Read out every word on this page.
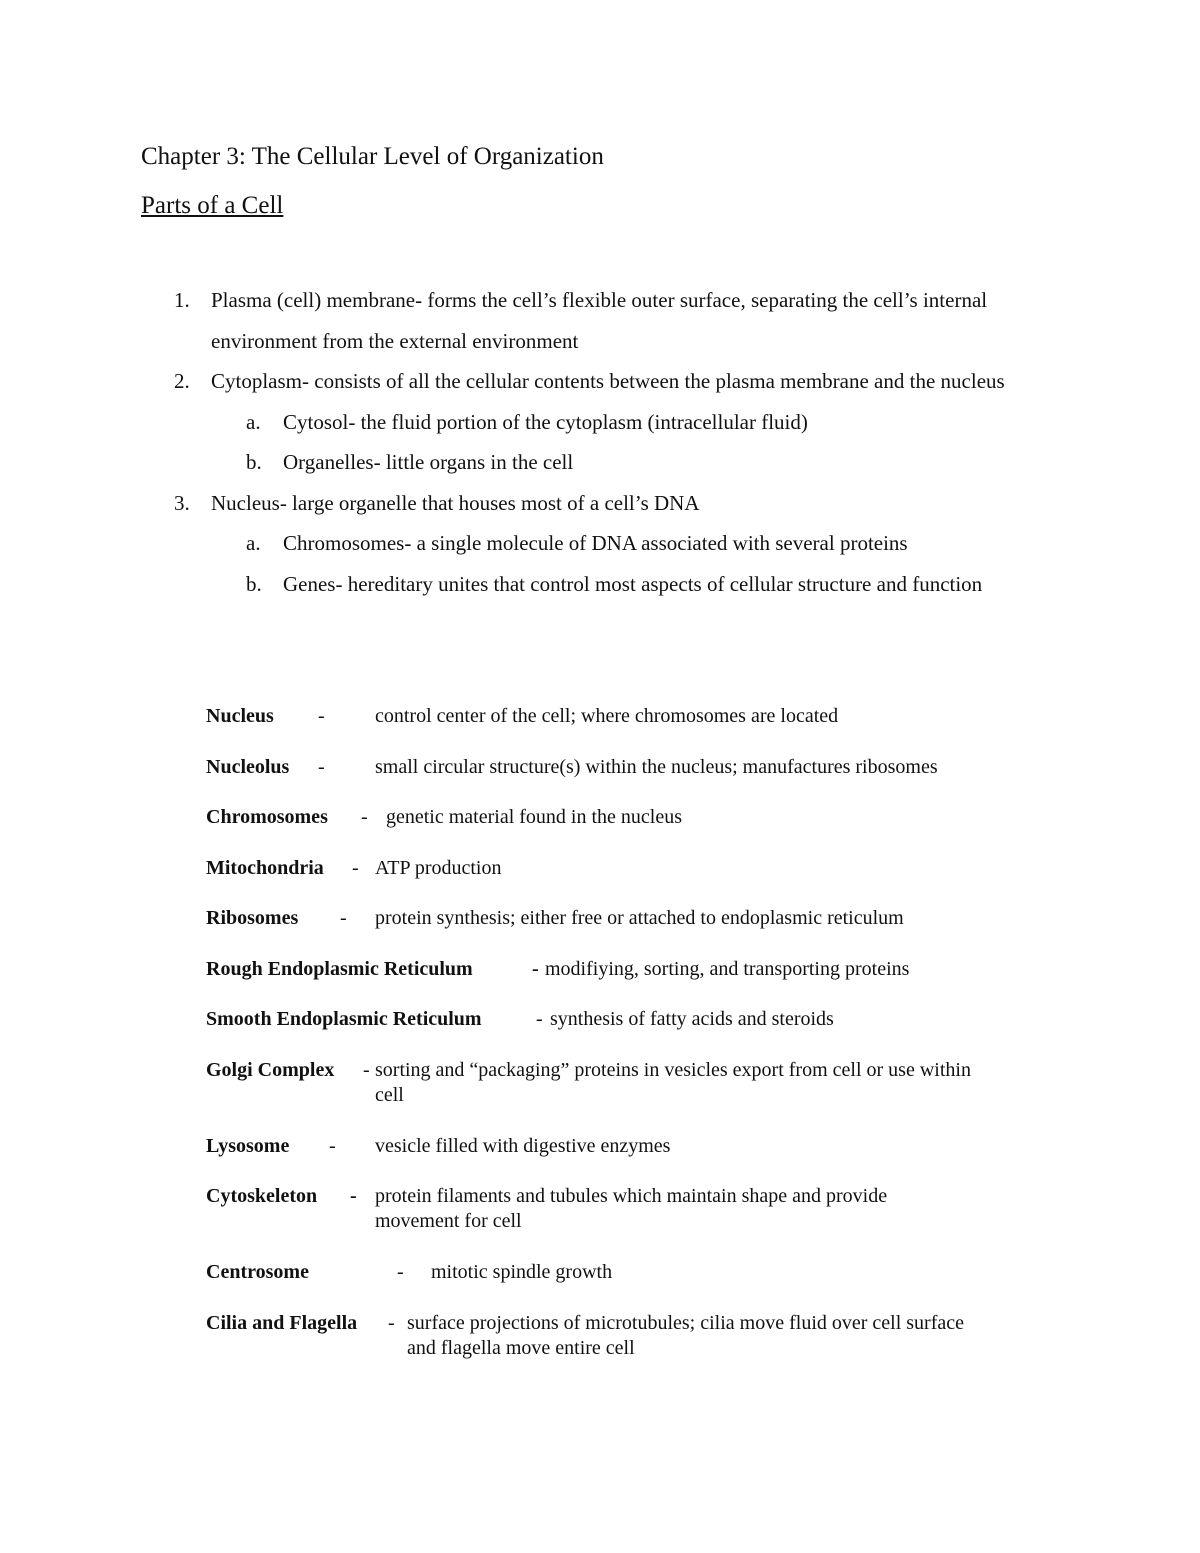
Chapter 3: The Cellular Level of Organization
Parts of a Cell
1. Plasma (cell) membrane- forms the cell’s flexible outer surface, separating the cell’s internal environment from the external environment
2. Cytoplasm- consists of all the cellular contents between the plasma membrane and the nucleus
a. Cytosol- the fluid portion of the cytoplasm (intracellular fluid)
b. Organelles- little organs in the cell
3. Nucleus- large organelle that houses most of a cell’s DNA
a. Chromosomes- a single molecule of DNA associated with several proteins
b. Genes- hereditary unites that control most aspects of cellular structure and function
Nucleus -	control center of the cell; where chromosomes are located
Nucleolus -	small circular structure(s) within the nucleus; manufactures ribosomes
Chromosomes - genetic material found in the nucleus
Mitochondria - ATP production
Ribosomes - protein synthesis; either free or attached to endoplasmic reticulum
Rough Endoplasmic Reticulum	- modifiying, sorting, and transporting proteins
Smooth Endoplasmic Reticulum	- synthesis of fatty acids and steroids
Golgi Complex - sorting and “packaging” proteins in vesicles export from cell or use within cell
Lysosome - vesicle filled with digestive enzymes
Cytoskeleton - protein filaments and tubules which maintain shape and provide movement for cell
Centrosome	- mitotic spindle growth
Cilia and Flagella - surface projections of microtubules; cilia move fluid over cell surface and flagella move entire cell
